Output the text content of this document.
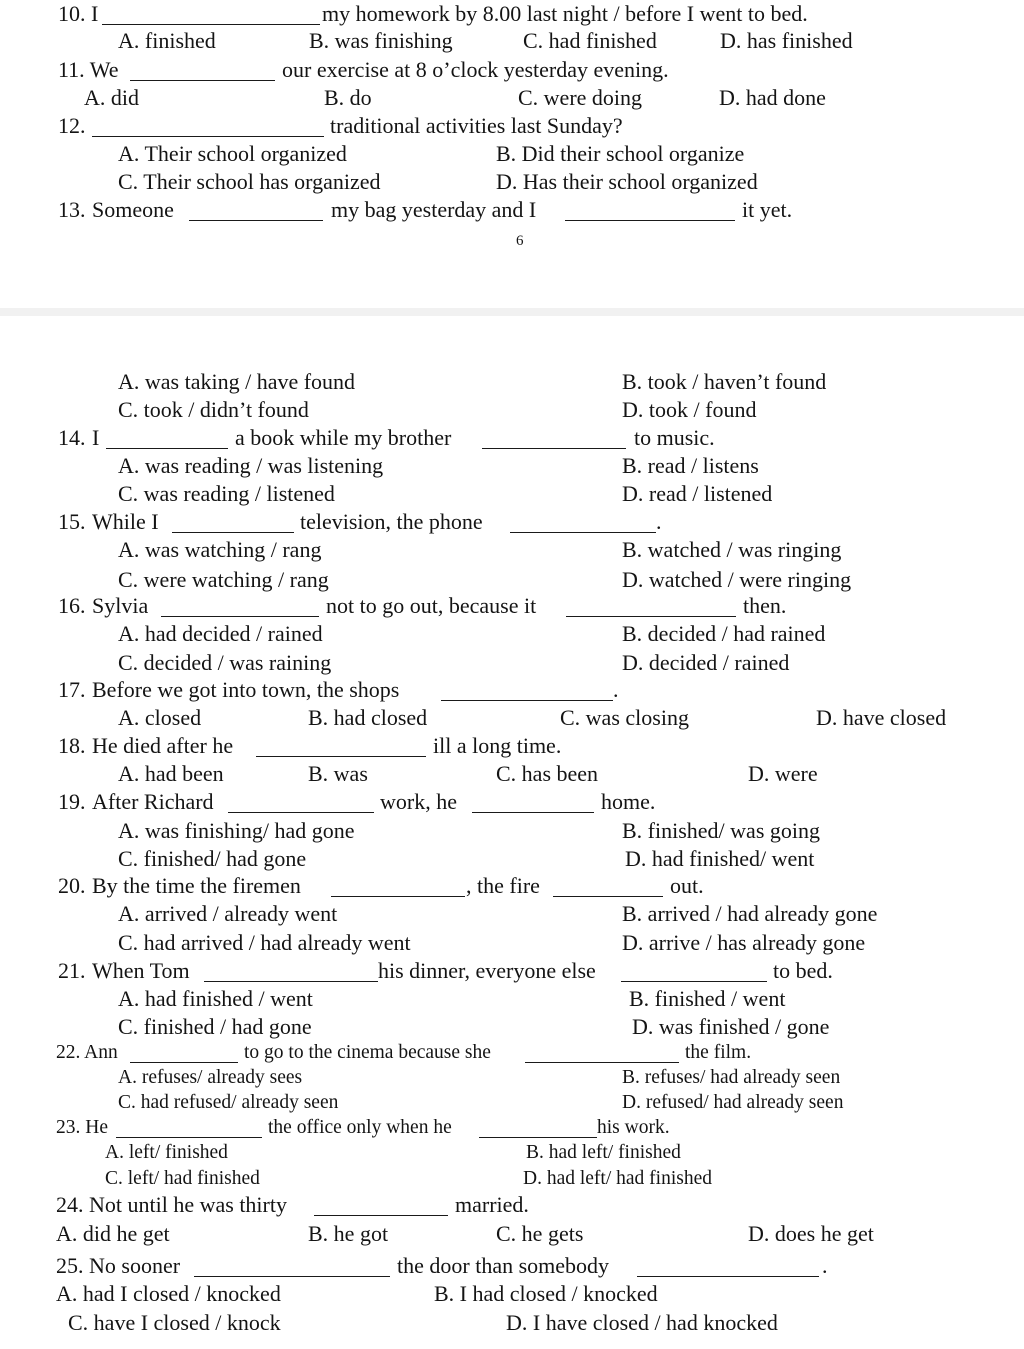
10. I	my homework by 8.00 last night / before I went to bed.
A. finished	B. was finishing	C. had finished	D. has finished
11. We	our exercise at 8 o’clock yesterday evening.
A. did	B. do	C. were doing	D. had done
12.	traditional activities last Sunday?
A. Their school organized	B. Did their school organize
C. Their school has organized	D. Has their school organized
13. Someone	my bag yesterday and I	it yet.
6
A. was taking / have found	B. took / haven’t found
C. took / didn’t found	D. took / found
14. I	a book while my brother	to music.
A. was reading / was listening	B. read / listens
C. was reading / listened	D. read / listened
15. While I	television, the phone	.
A. was watching / rang	B. watched / was ringing
C. were watching / rang	D. watched / were ringing
16. Sylvia	not to go out, because it	then.
A. had decided / rained	B. decided / had rained
C. decided / was raining	D. decided / rained
17. Before we got into town, the shops	.
A. closed	B. had closed	C. was closing	D. have closed
18. He died after he	ill a long time.
A. had been	B. was	C. has been	D. were
19. After Richard	work, he	home.
A. was finishing/ had gone	B. finished/ was going
C. finished/ had gone	D. had finished/ went
20. By the time the firemen	, the fire	out.
A. arrived / already went	B. arrived / had already gone
C. had arrived / had already went	D. arrive / has already gone
21. When Tom	his dinner, everyone else	to bed.
A. had finished / went	B. finished / went
C. finished / had gone	D. was finished / gone
22. Ann	to go to the cinema because she	the film.
A. refuses/ already sees	B. refuses/ had already seen
C. had refused/ already seen	D. refused/ had already seen
23. He	the office only when he	his work.
A. left/ finished	B. had left/ finished
C. left/ had finished	D. had left/ had finished
24. Not until he was thirty	married.
A. did he get	B. he got	C. he gets	D. does he get
25. No sooner	the door than somebody	.
A. had I closed / knocked	B. I had closed / knocked
C. have I closed / knock	D. I have closed / had knocked
